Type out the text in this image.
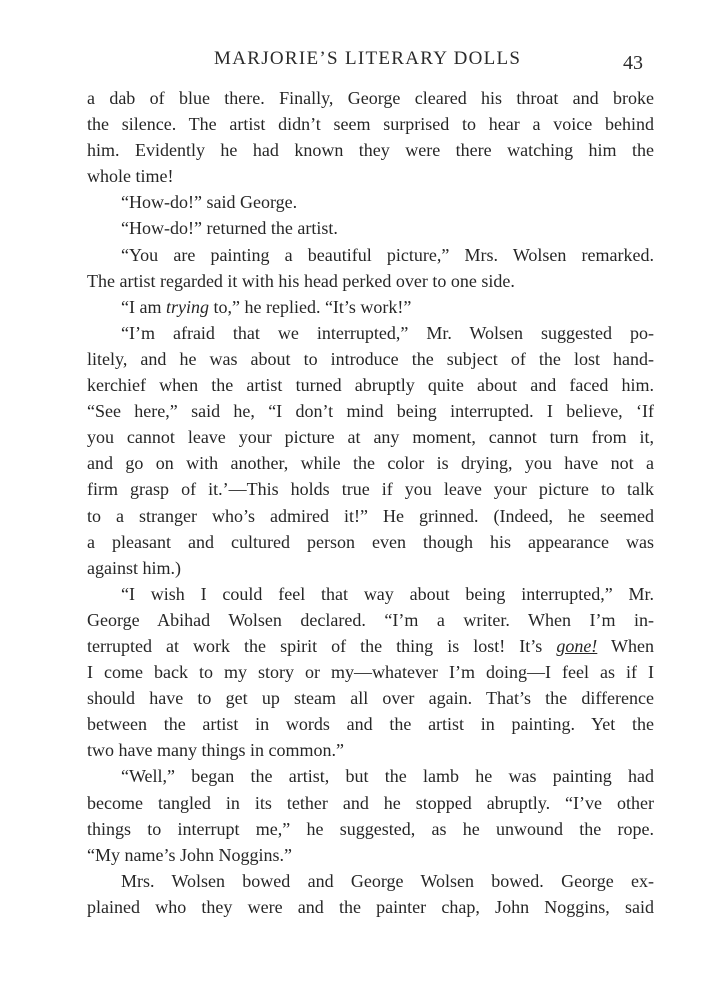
MARJORIE’S LITERARY DOLLS	43
a dab of blue there. Finally, George cleared his throat and broke
the silence. The artist didn’t seem surprised to hear a voice behind
him. Evidently he had known they were there watching him the
whole time!
“How-do!” said George.
“How-do!” returned the artist.
“You are painting a beautiful picture,” Mrs. Wolsen remarked.
The artist regarded it with his head perked over to one side.
“I am trying to,” he replied. “It’s work!”
“I’m afraid that we interrupted,” Mr. Wolsen suggested po-
litely, and he was about to introduce the subject of the lost hand-
kerchief when the artist turned abruptly quite about and faced him.
“See here,” said he, “I don’t mind being interrupted. I believe, ‘If
you cannot leave your picture at any moment, cannot turn from it,
and go on with another, while the color is drying, you have not a
firm grasp of it.’—This holds true if you leave your picture to talk
to a stranger who’s admired it!” He grinned. (Indeed, he seemed
a pleasant and cultured person even though his appearance was
against him.)
“I wish I could feel that way about being interrupted,” Mr.
George Abihad Wolsen declared. “I’m a writer. When I’m in-
terrupted at work the spirit of the thing is lost! It’s gone! When
I come back to my story or my—whatever I’m doing—I feel as if I
should have to get up steam all over again. That’s the difference
between the artist in words and the artist in painting. Yet the
two have many things in common.”
“Well,” began the artist, but the lamb he was painting had
become tangled in its tether and he stopped abruptly. “I’ve other
things to interrupt me,” he suggested, as he unwound the rope.
“My name’s John Noggins.”
Mrs. Wolsen bowed and George Wolsen bowed. George ex-
plained who they were and the painter chap, John Noggins, said
